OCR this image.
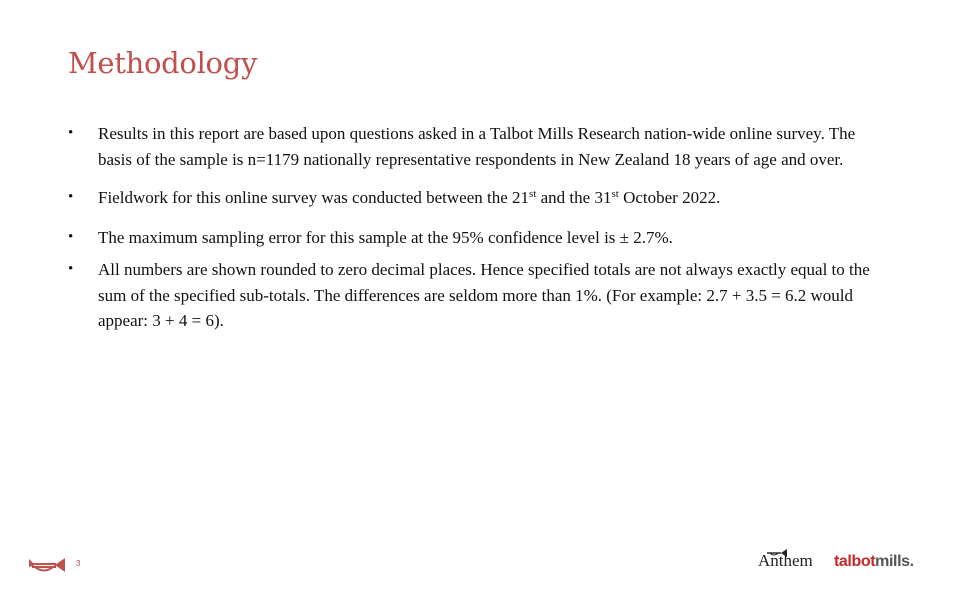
Methodology
• Results in this report are based upon questions asked in a Talbot Mills Research nation-wide online survey. The basis of the sample is n=1179 nationally representative respondents in New Zealand 18 years of age and over.
• Fieldwork for this online survey was conducted between the 21st and the 31st October 2022.
• The maximum sampling error for this sample at the 95% confidence level is ± 2.7%.
• All numbers are shown rounded to zero decimal places. Hence specified totals are not always exactly equal to the sum of the specified sub-totals. The differences are seldom more than 1%. (For example: 2.7 + 3.5 = 6.2 would appear: 3 + 4 = 6).
3	Anthem talbotmills.
